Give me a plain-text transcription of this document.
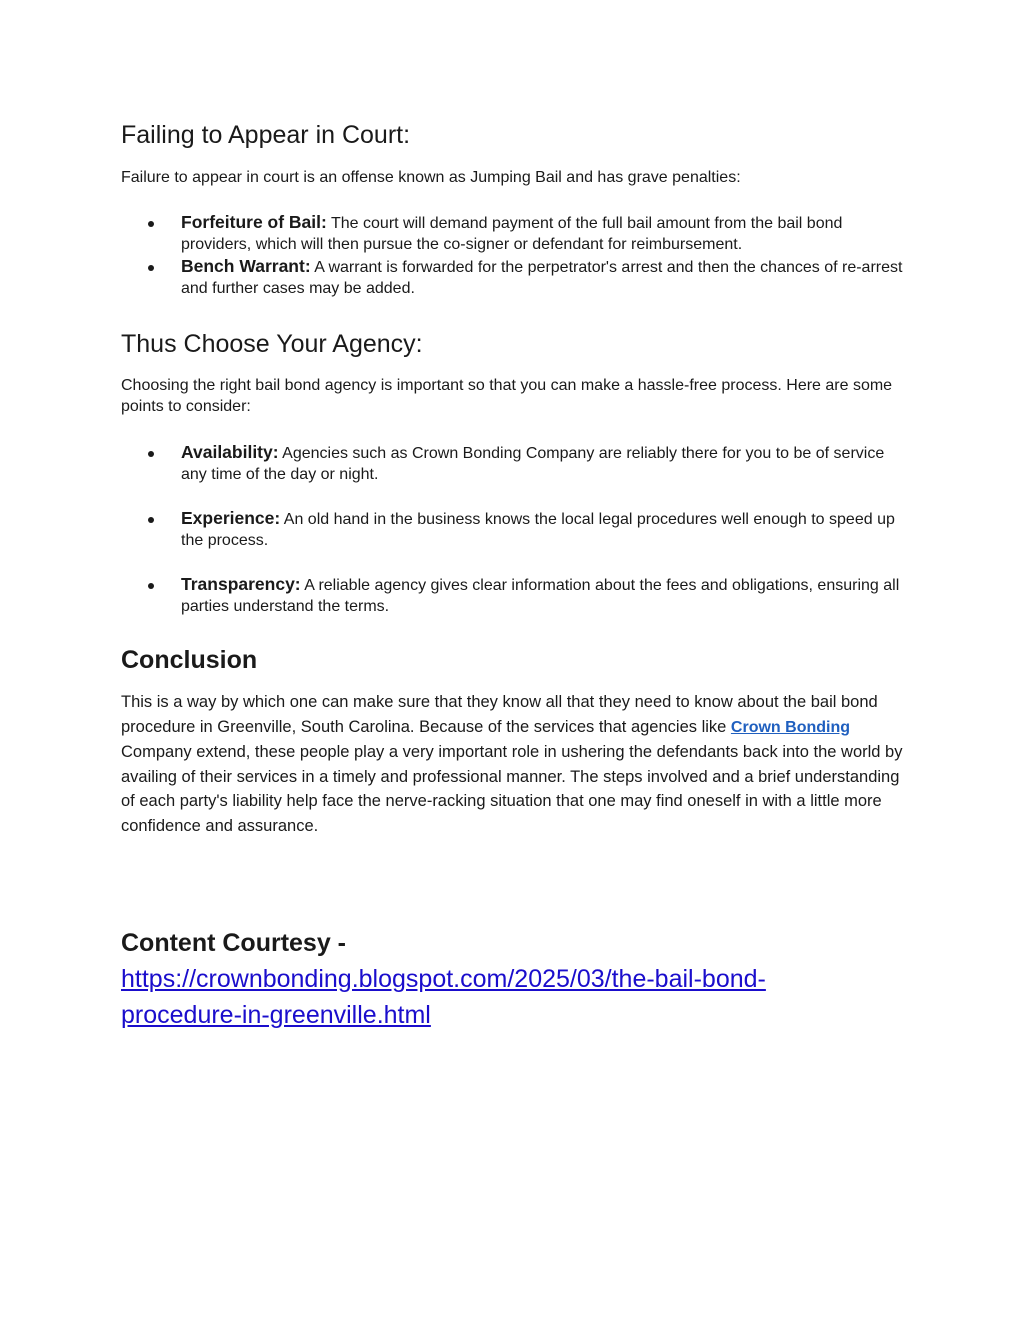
Failing to Appear in Court:

Failure to appear in court is an offense known as Jumping Bail and has grave penalties:

Forfeiture of Bail: The court will demand payment of the full bail amount from the bail bond providers, which will then pursue the co-signer or defendant for reimbursement.
Bench Warrant: A warrant is forwarded for the perpetrator's arrest and then the chances of re-arrest and further cases may be added.
Thus Choose Your Agency:

Choosing the right bail bond agency is important so that you can make a hassle-free process. Here are some points to consider:

Availability: Agencies such as Crown Bonding Company are reliably there for you to be of service any time of the day or night.
Experience: An old hand in the business knows the local legal procedures well enough to speed up the process.
Transparency: A reliable agency gives clear information about the fees and obligations, ensuring all parties understand the terms.
Conclusion

This is a way by which one can make sure that they know all that they need to know about the bail bond procedure in Greenville, South Carolina. Because of the services that agencies like Crown Bonding Company extend, these people play a very important role in ushering the defendants back into the world by availing of their services in a timely and professional manner. The steps involved and a brief understanding of each party's liability help face the nerve-racking situation that one may find oneself in with a little more confidence and assurance.

Content Courtesy -
https://crownbonding.blogspot.com/2025/03/the-bail-bond-procedure-in-greenville.html
